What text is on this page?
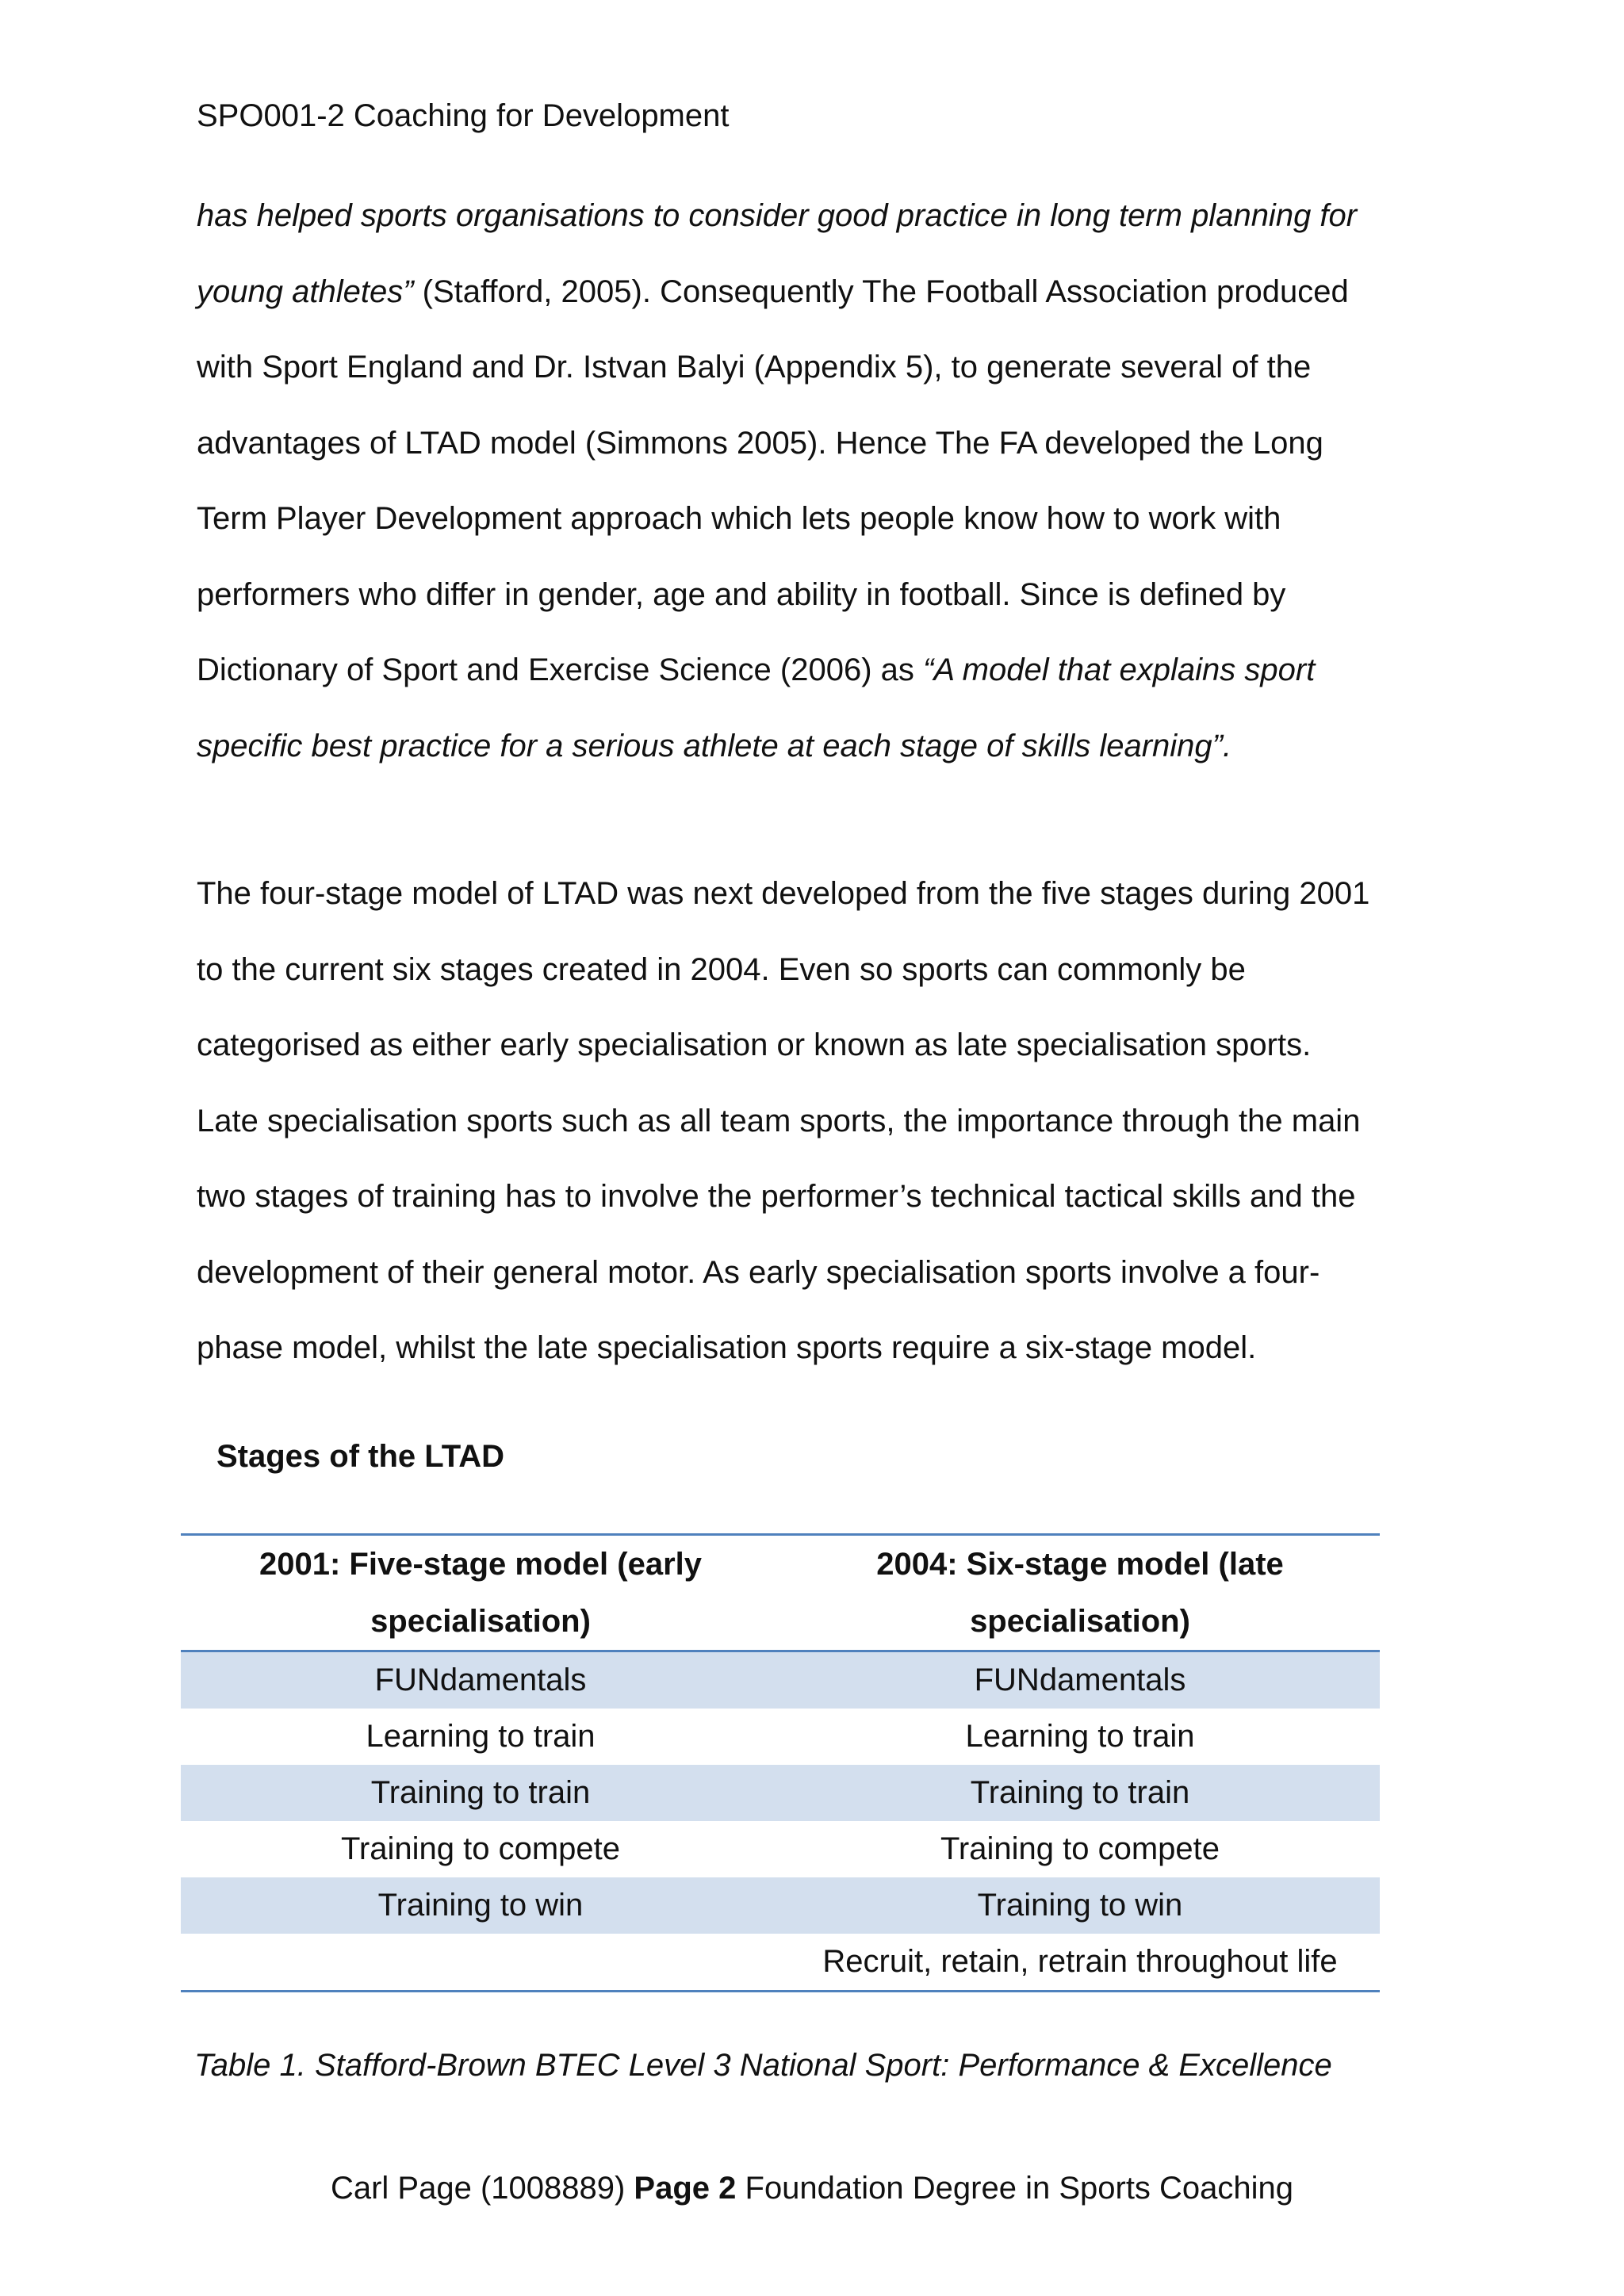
SPO001-2 Coaching for Development
has helped sports organisations to consider good practice in long term planning for
young athletes” (Stafford, 2005). Consequently The Football Association produced
with Sport England and Dr. Istvan Balyi (Appendix 5), to generate several of the
advantages of LTAD model (Simmons 2005). Hence The FA developed the Long
Term Player Development approach which lets people know how to work with
performers who differ in gender, age and ability in football. Since is defined by
Dictionary of Sport and Exercise Science (2006) as “A model that explains sport
specific best practice for a serious athlete at each stage of skills learning”.
The four-stage model of LTAD was next developed from the five stages during 2001
to the current six stages created in 2004. Even so sports can commonly be
categorised as either early specialisation or known as late specialisation sports.
Late specialisation sports such as all team sports, the importance through the main
two stages of training has to involve the performer’s technical tactical skills and the
development of their general motor. As early specialisation sports involve a four-
phase model, whilst the late specialisation sports require a six-stage model.
Stages of the LTAD
2001: Five-stage model (early specialisation)	2004: Six-stage model (late specialisation)
FUNdamentals	FUNdamentals
Learning to train	Learning to train
Training to train	Training to train
Training to compete	Training to compete
Training to win	Training to win
	Recruit, retain, retrain throughout life
Table 1. Stafford-Brown BTEC Level 3 National Sport: Performance & Excellence
Carl Page (1008889) Page 2 Foundation Degree in Sports Coaching
